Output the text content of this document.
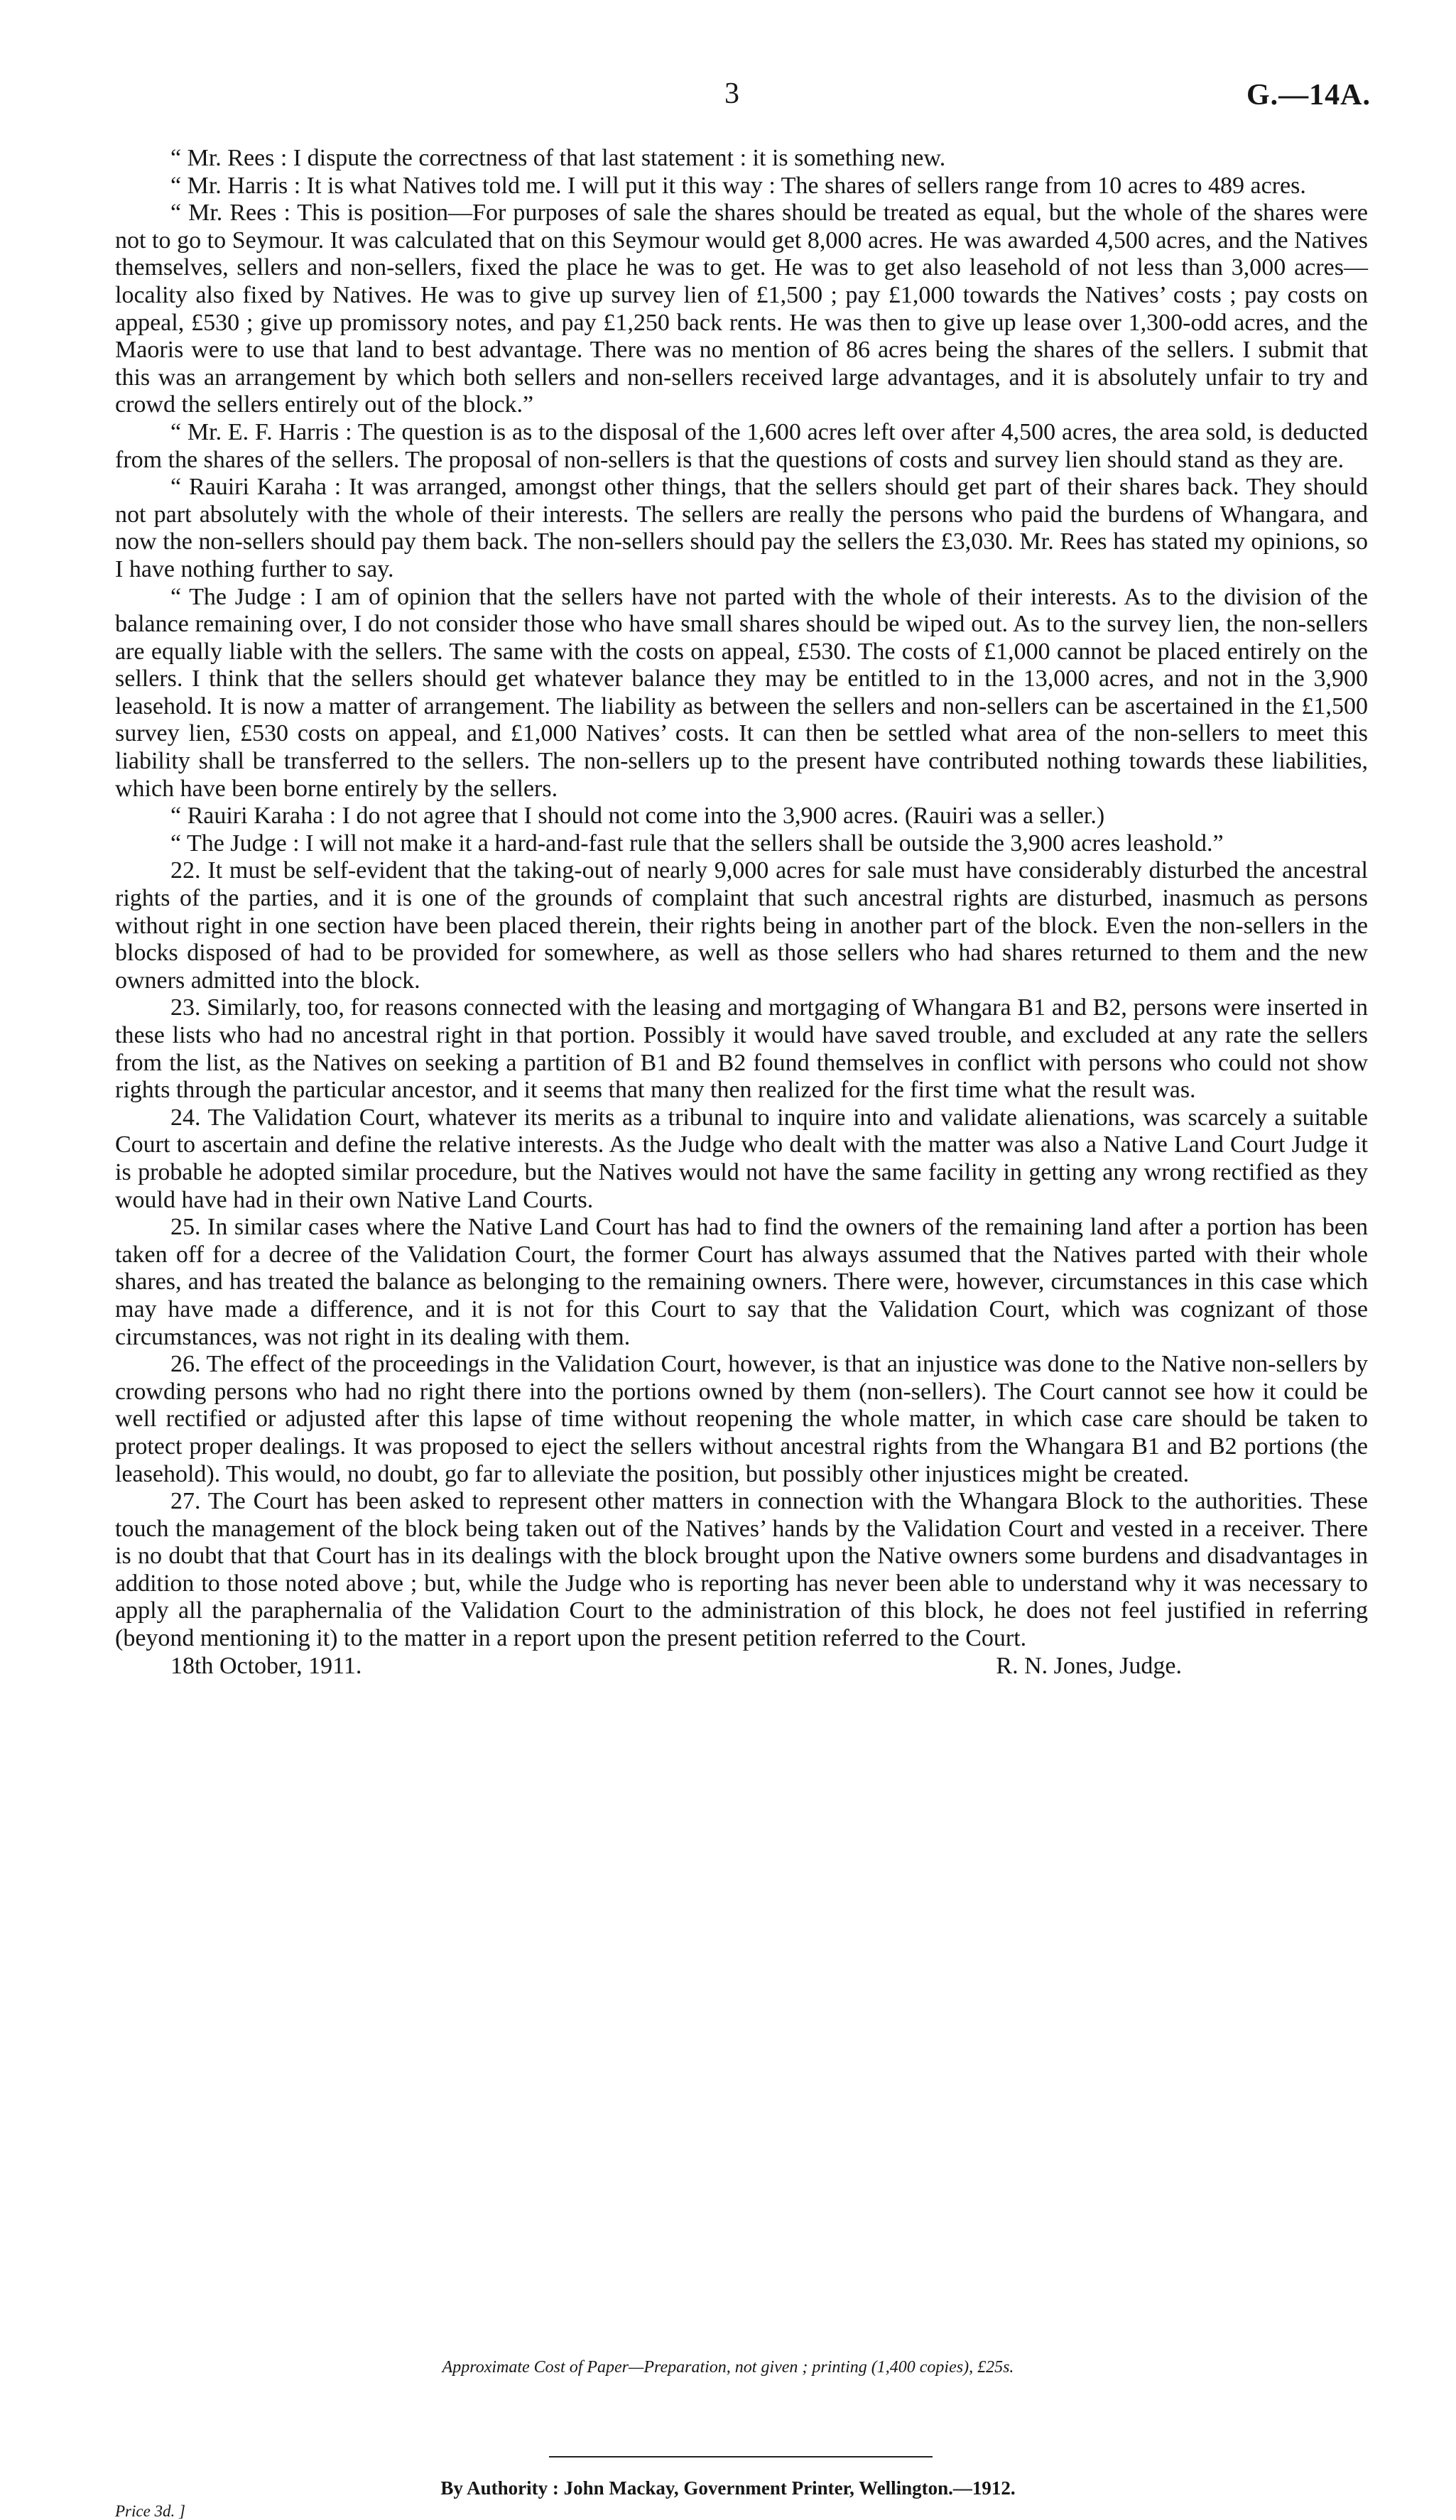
3	G.—14A.

“ Mr. Rees : I dispute the correctness of that last statement : it is something new.

“ Mr. Harris : It is what Natives told me. I will put it this way : The shares of sellers range from 10 acres to 489 acres.

“ Mr. Rees : This is position—For purposes of sale the shares should be treated as equal, but the whole of the shares were not to go to Seymour. It was calculated that on this Seymour would get 8,000 acres. He was awarded 4,500 acres, and the Natives themselves, sellers and non-sellers, fixed the place he was to get. He was to get also leasehold of not less than 3,000 acres—locality also fixed by Natives. He was to give up survey lien of £1,500 ; pay £1,000 towards the Natives’ costs ; pay costs on appeal, £530 ; give up promissory notes, and pay £1,250 back rents. He was then to give up lease over 1,300-odd acres, and the Maoris were to use that land to best advantage. There was no mention of 86 acres being the shares of the sellers. I submit that this was an arrangement by which both sellers and non-sellers received large advantages, and it is absolutely unfair to try and crowd the sellers entirely out of the block.”

“ Mr. E. F. Harris : The question is as to the disposal of the 1,600 acres left over after 4,500 acres, the area sold, is deducted from the shares of the sellers. The proposal of non-sellers is that the questions of costs and survey lien should stand as they are.

“ Rauiri Karaha : It was arranged, amongst other things, that the sellers should get part of their shares back. They should not part absolutely with the whole of their interests. The sellers are really the persons who paid the burdens of Whangara, and now the non-sellers should pay them back. The non-sellers should pay the sellers the £3,030. Mr. Rees has stated my opinions, so I have nothing further to say.

“ The Judge : I am of opinion that the sellers have not parted with the whole of their interests. As to the division of the balance remaining over, I do not consider those who have small shares should be wiped out. As to the survey lien, the non-sellers are equally liable with the sellers. The same with the costs on appeal, £530. The costs of £1,000 cannot be placed entirely on the sellers. I think that the sellers should get whatever balance they may be entitled to in the 13,000 acres, and not in the 3,900 leasehold. It is now a matter of arrangement. The liability as between the sellers and non-sellers can be ascertained in the £1,500 survey lien, £530 costs on appeal, and £1,000 Natives’ costs. It can then be settled what area of the non-sellers to meet this liability shall be transferred to the sellers. The non-sellers up to the present have contributed nothing towards these liabilities, which have been borne entirely by the sellers.

“ Rauiri Karaha : I do not agree that I should not come into the 3,900 acres. (Rauiri was a seller.)

“ The Judge : I will not make it a hard-and-fast rule that the sellers shall be outside the 3,900 acres leashold.”

22. It must be self-evident that the taking-out of nearly 9,000 acres for sale must have considerably disturbed the ancestral rights of the parties, and it is one of the grounds of complaint that such ancestral rights are disturbed, inasmuch as persons without right in one section have been placed therein, their rights being in another part of the block. Even the non-sellers in the blocks disposed of had to be provided for somewhere, as well as those sellers who had shares returned to them and the new owners admitted into the block.

23. Similarly, too, for reasons connected with the leasing and mortgaging of Whangara B1 and B2, persons were inserted in these lists who had no ancestral right in that portion. Possibly it would have saved trouble, and excluded at any rate the sellers from the list, as the Natives on seeking a partition of B1 and B2 found themselves in conflict with persons who could not show rights through the particular ancestor, and it seems that many then realized for the first time what the result was.

24. The Validation Court, whatever its merits as a tribunal to inquire into and validate alienations, was scarcely a suitable Court to ascertain and define the relative interests. As the Judge who dealt with the matter was also a Native Land Court Judge it is probable he adopted similar procedure, but the Natives would not have the same facility in getting any wrong rectified as they would have had in their own Native Land Courts.

25. In similar cases where the Native Land Court has had to find the owners of the remaining land after a portion has been taken off for a decree of the Validation Court, the former Court has always assumed that the Natives parted with their whole shares, and has treated the balance as belonging to the remaining owners. There were, however, circumstances in this case which may have made a difference, and it is not for this Court to say that the Validation Court, which was cognizant of those circumstances, was not right in its dealing with them.

26. The effect of the proceedings in the Validation Court, however, is that an injustice was done to the Native non-sellers by crowding persons who had no right there into the portions owned by them (non-sellers). The Court cannot see how it could be well rectified or adjusted after this lapse of time without reopening the whole matter, in which case care should be taken to protect proper dealings. It was proposed to eject the sellers without ancestral rights from the Whangara B1 and B2 portions (the leasehold). This would, no doubt, go far to alleviate the position, but possibly other injustices might be created.

27. The Court has been asked to represent other matters in connection with the Whangara Block to the authorities. These touch the management of the block being taken out of the Natives’ hands by the Validation Court and vested in a receiver. There is no doubt that that Court has in its dealings with the block brought upon the Native owners some burdens and disadvantages in addition to those noted above ; but, while the Judge who is reporting has never been able to understand why it was necessary to apply all the paraphernalia of the Validation Court to the administration of this block, he does not feel justified in referring (beyond mentioning it) to the matter in a report upon the present petition referred to the Court.

18th October, 1911.	R. N. Jones, Judge.
Approximate Cost of Paper—Preparation, not given ; printing (1,400 copies), £25s.
By Authority : John Mackay, Government Printer, Wellington.—1912.
Price 3d. ]
